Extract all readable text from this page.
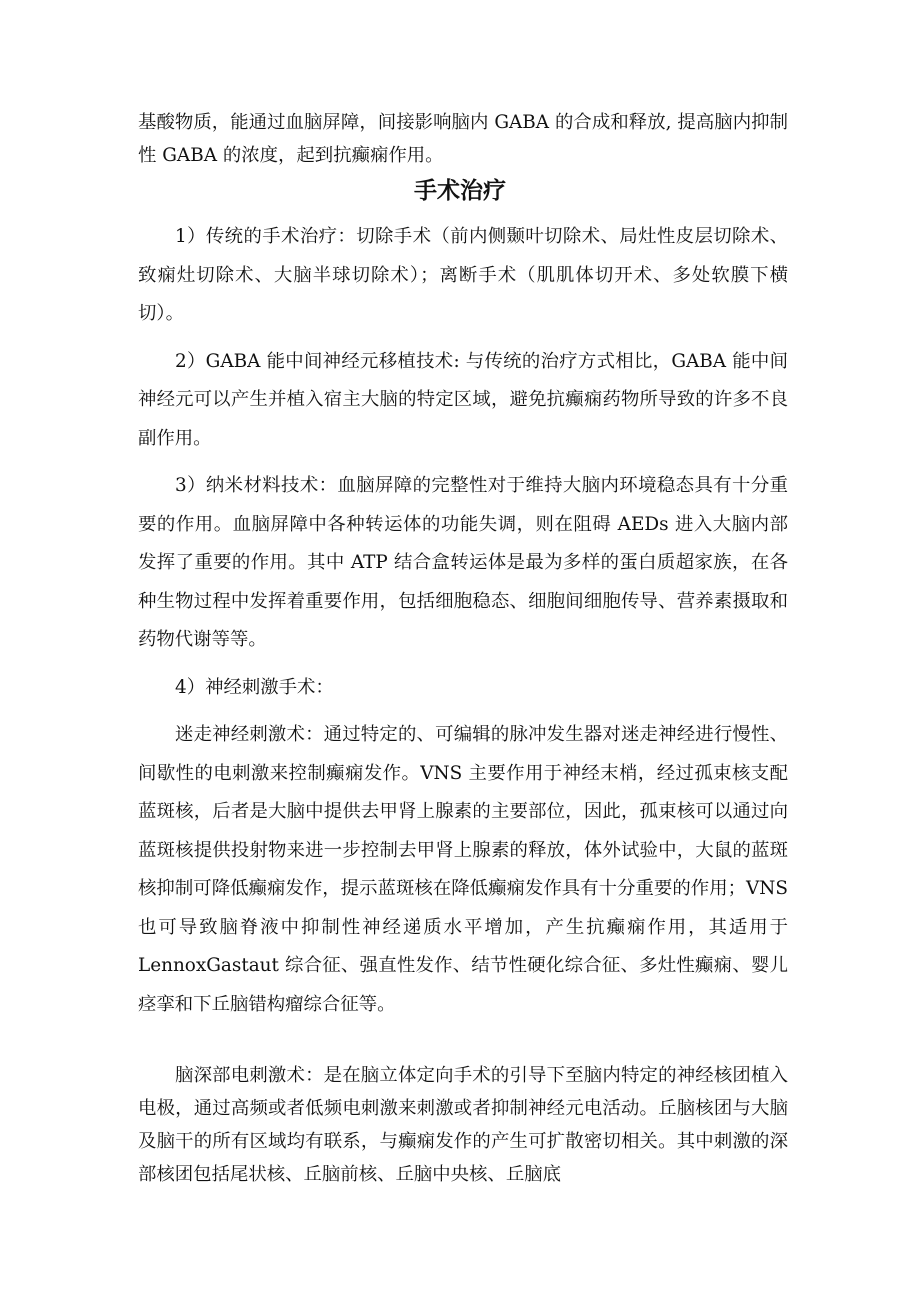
基酸物质，能通过血脑屏障，间接影响脑内 GABA 的合成和释放, 提高脑内抑制性 GABA 的浓度，起到抗癫痫作用。

手术治疗

1）传统的手术治疗：切除手术（前内侧颞叶切除术、局灶性皮层切除术、致痫灶切除术、大脑半球切除术）；离断手术（肌肌体切开术、多处软膜下横切）。

2）GABA 能中间神经元移植技术: 与传统的治疗方式相比，GABA 能中间神经元可以产生并植入宿主大脑的特定区域，避免抗癫痫药物所导致的许多不良副作用。

3）纳米材料技术：血脑屏障的完整性对于维持大脑内环境稳态具有十分重要的作用。血脑屏障中各种转运体的功能失调，则在阻碍 AEDs 进入大脑内部发挥了重要的作用。其中 ATP 结合盒转运体是最为多样的蛋白质超家族，在各种生物过程中发挥着重要作用，包括细胞稳态、细胞间细胞传导、营养素摄取和药物代谢等等。

4）神经刺激手术：

迷走神经刺激术：通过特定的、可编辑的脉冲发生器对迷走神经进行慢性、间歇性的电刺激来控制癫痫发作。VNS 主要作用于神经末梢，经过孤束核支配蓝斑核，后者是大脑中提供去甲肾上腺素的主要部位，因此，孤束核可以通过向蓝斑核提供投射物来进一步控制去甲肾上腺素的释放，体外试验中，大鼠的蓝斑核抑制可降低癫痫发作，提示蓝斑核在降低癫痫发作具有十分重要的作用；VNS 也可导致脑脊液中抑制性神经递质水平增加，产生抗癫痫作用，其适用于 LennoxGastaut 综合征、强直性发作、结节性硬化综合征、多灶性癫痫、婴儿痉挛和下丘脑错构瘤综合征等。

脑深部电刺激术：是在脑立体定向手术的引导下至脑内特定的神经核团植入电极，通过高频或者低频电刺激来刺激或者抑制神经元电活动。丘脑核团与大脑及脑干的所有区域均有联系，与癫痫发作的产生可扩散密切相关。其中刺激的深部核团包括尾状核、丘脑前核、丘脑中央核、丘脑底
